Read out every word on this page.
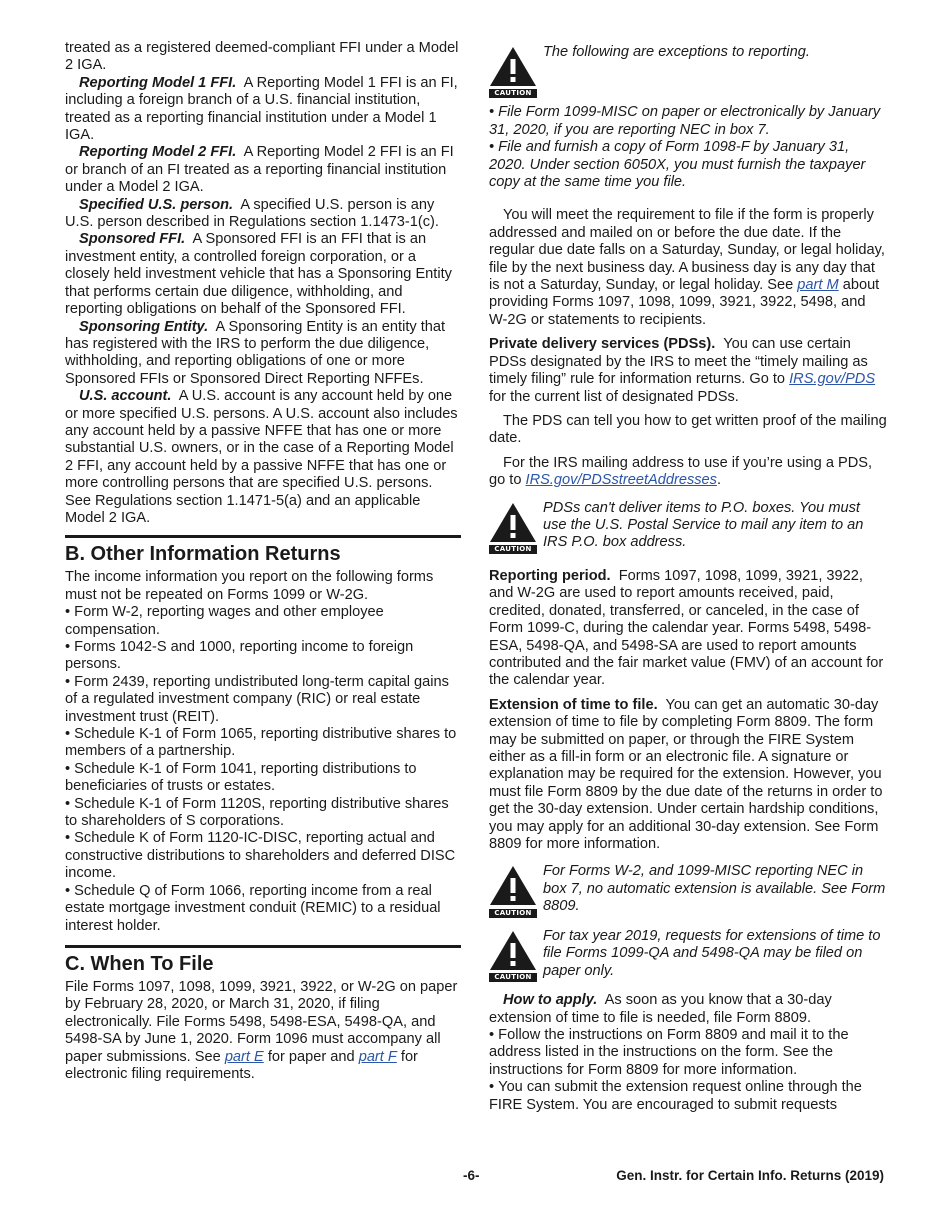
treated as a registered deemed-compliant FFI under a Model 2 IGA.

Reporting Model 1 FFI. A Reporting Model 1 FFI is an FI, including a foreign branch of a U.S. financial institution, treated as a reporting financial institution under a Model 1 IGA.

Reporting Model 2 FFI. A Reporting Model 2 FFI is an FI or branch of an FI treated as a reporting financial institution under a Model 2 IGA.

Specified U.S. person. A specified U.S. person is any U.S. person described in Regulations section 1.1473-1(c).

Sponsored FFI. A Sponsored FFI is an FFI that is an investment entity, a controlled foreign corporation, or a closely held investment vehicle that has a Sponsoring Entity that performs certain due diligence, withholding, and reporting obligations on behalf of the Sponsored FFI.

Sponsoring Entity. A Sponsoring Entity is an entity that has registered with the IRS to perform the due diligence, withholding, and reporting obligations of one or more Sponsored FFIs or Sponsored Direct Reporting NFFEs.

U.S. account. A U.S. account is any account held by one or more specified U.S. persons. A U.S. account also includes any account held by a passive NFFE that has one or more substantial U.S. owners, or in the case of a Reporting Model 2 FFI, any account held by a passive NFFE that has one or more controlling persons that are specified U.S. persons. See Regulations section 1.1471-5(a) and an applicable Model 2 IGA.

B. Other Information Returns

The income information you report on the following forms must not be repeated on Forms 1099 or W-2G.

• Form W-2, reporting wages and other employee compensation.

• Forms 1042-S and 1000, reporting income to foreign persons.

• Form 2439, reporting undistributed long-term capital gains of a regulated investment company (RIC) or real estate investment trust (REIT).

• Schedule K-1 of Form 1065, reporting distributive shares to members of a partnership.

• Schedule K-1 of Form 1041, reporting distributions to beneficiaries of trusts or estates.

• Schedule K-1 of Form 1120S, reporting distributive shares to shareholders of S corporations.

• Schedule K of Form 1120-IC-DISC, reporting actual and constructive distributions to shareholders and deferred DISC income.

• Schedule Q of Form 1066, reporting income from a real estate mortgage investment conduit (REMIC) to a residual interest holder.

C. When To File

File Forms 1097, 1098, 1099, 3921, 3922, or W-2G on paper by February 28, 2020, or March 31, 2020, if filing electronically. File Forms 5498, 5498-ESA, 5498-QA, and 5498-SA by June 1, 2020. Form 1096 must accompany all paper submissions. See part E for paper and part F for electronic filing requirements.

CAUTION

The following are exceptions to reporting.

• File Form 1099-MISC on paper or electronically by January 31, 2020, if you are reporting NEC in box 7.

• File and furnish a copy of Form 1098-F by January 31, 2020. Under section 6050X, you must furnish the taxpayer copy at the same time you file.

You will meet the requirement to file if the form is properly addressed and mailed on or before the due date. If the regular due date falls on a Saturday, Sunday, or legal holiday, file by the next business day. A business day is any day that is not a Saturday, Sunday, or legal holiday. See part M about providing Forms 1097, 1098, 1099, 3921, 3922, 5498, and W-2G or statements to recipients.

Private delivery services (PDSs). You can use certain PDSs designated by the IRS to meet the “timely mailing as timely filing” rule for information returns. Go to IRS.gov/PDS for the current list of designated PDSs.

The PDS can tell you how to get written proof of the mailing date.

For the IRS mailing address to use if you’re using a PDS, go to IRS.gov/PDSstreetAddresses.

CAUTION

PDSs can't deliver items to P.O. boxes. You must use the U.S. Postal Service to mail any item to an IRS P.O. box address.

Reporting period. Forms 1097, 1098, 1099, 3921, 3922, and W-2G are used to report amounts received, paid, credited, donated, transferred, or canceled, in the case of Form 1099-C, during the calendar year. Forms 5498, 5498-ESA, 5498-QA, and 5498-SA are used to report amounts contributed and the fair market value (FMV) of an account for the calendar year.

Extension of time to file. You can get an automatic 30-day extension of time to file by completing Form 8809. The form may be submitted on paper, or through the FIRE System either as a fill-in form or an electronic file. A signature or explanation may be required for the extension. However, you must file Form 8809 by the due date of the returns in order to get the 30-day extension. Under certain hardship conditions, you may apply for an additional 30-day extension. See Form 8809 for more information.

CAUTION

For Forms W-2, and 1099-MISC reporting NEC in box 7, no automatic extension is available. See Form 8809.

CAUTION

For tax year 2019, requests for extensions of time to file Forms 1099-QA and 5498-QA may be filed on paper only.

How to apply. As soon as you know that a 30-day extension of time to file is needed, file Form 8809.

• Follow the instructions on Form 8809 and mail it to the address listed in the instructions on the form. See the instructions for Form 8809 for more information.

• You can submit the extension request online through the FIRE System. You are encouraged to submit requests

-6-	Gen. Instr. for Certain Info. Returns (2019)
